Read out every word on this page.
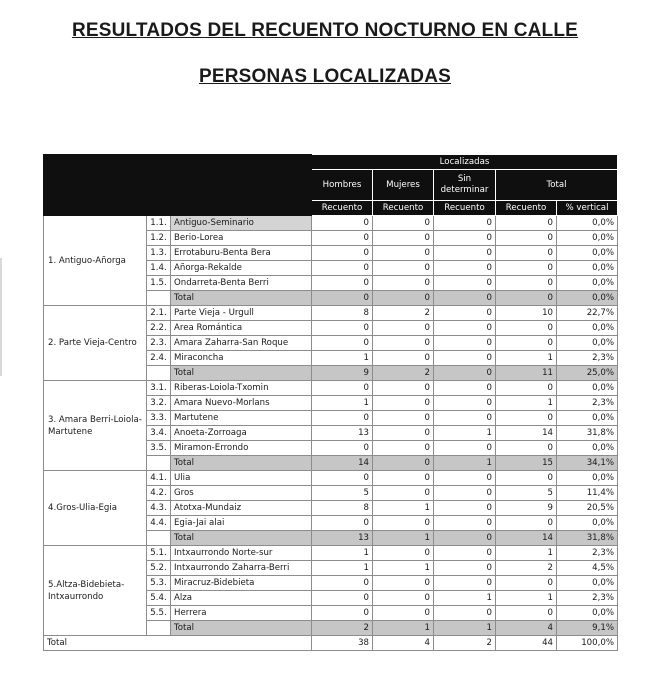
RESULTADOS DEL RECUENTO NOCTURNO EN CALLE
PERSONAS LOCALIZADAS
			Localizadas				
			Hombres	Mujeres	Sin
determinar	Total	
			Recuento	Recuento	Recuento	Recuento	% vertical
1. Antiguo-Añorga	1.1.	Antiguo-Seminario	0	0	0	0	0,0%
	1.2.	Berio-Lorea	0	0	0	0	0,0%
	1.3.	Errotaburu-Benta Bera	0	0	0	0	0,0%
	1.4.	Añorga-Rekalde	0	0	0	0	0,0%
	1.5.	Ondarreta-Benta Berri	0	0	0	0	0,0%
		Total	0	0	0	0	0,0%
2. Parte Vieja-Centro	2.1.	Parte Vieja - Urgull	8	2	0	10	22,7%
	2.2.	Area Romántica	0	0	0	0	0,0%
	2.3.	Amara Zaharra-San Roque	0	0	0	0	0,0%
	2.4.	Miraconcha	1	0	0	1	2,3%
		Total	9	2	0	11	25,0%
3. Amara Berri-Loiola-Martutene	3.1.	Riberas-Loiola-Txomin	0	0	0	0	0,0%
	3.2.	Amara Nuevo-Morlans	1	0	0	1	2,3%
	3.3.	Martutene	0	0	0	0	0,0%
	3.4.	Anoeta-Zorroaga	13	0	1	14	31,8%
	3.5.	Miramon-Errondo	0	0	0	0	0,0%
		Total	14	0	1	15	34,1%
4.Gros-Ulia-Egia	4.1.	Ulia	0	0	0	0	0,0%
	4.2.	Gros	5	0	0	5	11,4%
	4.3.	Atotxa-Mundaiz	8	1	0	9	20,5%
	4.4.	Egia-Jai alai	0	0	0	0	0,0%
		Total	13	1	0	14	31,8%
5.Altza-Bidebieta-Intxaurrondo	5.1.	Intxaurrondo Norte-sur	1	0	0	1	2,3%
	5.2.	Intxaurrondo Zaharra-Berri	1	1	0	2	4,5%
	5.3.	Miracruz-Bidebieta	0	0	0	0	0,0%
	5.4.	Alza	0	0	1	1	2,3%
	5.5.	Herrera	0	0	0	0	0,0%
		Total	2	1	1	4	9,1%
Total			38	4	2	44	100,0%
